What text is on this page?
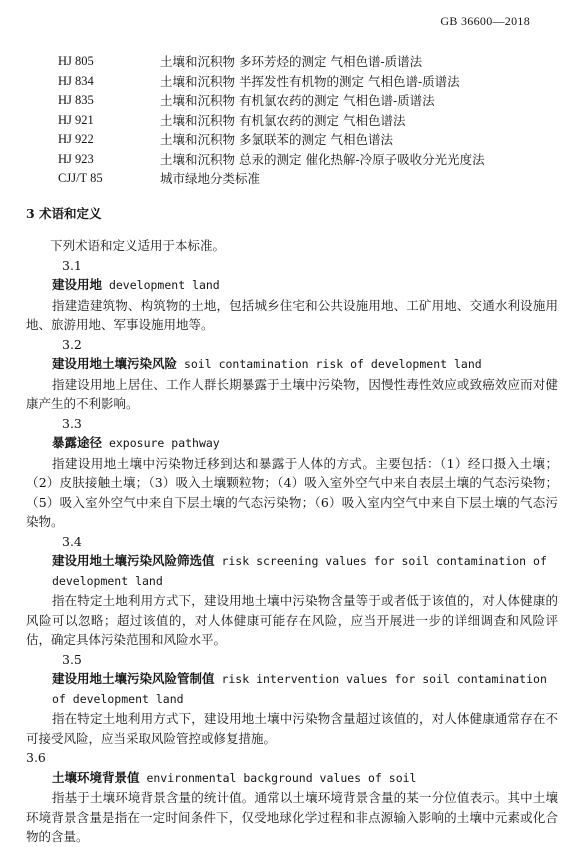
GB 36600—2018
HJ 805	土壤和沉积物 多环芳烃的测定 气相色谱-质谱法
HJ 834	土壤和沉积物 半挥发性有机物的测定 气相色谱-质谱法
HJ 835	土壤和沉积物 有机氯农药的测定 气相色谱-质谱法
HJ 921	土壤和沉积物 有机氯农药的测定 气相色谱法
HJ 922	土壤和沉积物 多氯联苯的测定 气相色谱法
HJ 923	土壤和沉积物 总汞的测定 催化热解-冷原子吸收分光光度法
CJJ/T 85	城市绿地分类标准
3 术语和定义
下列术语和定义适用于本标准。
3.1
建设用地 development land
指建造建筑物、构筑物的土地，包括城乡住宅和公共设施用地、工矿用地、交通水利设施用地、旅游用地、军事设施用地等。
3.2
建设用地土壤污染风险 soil contamination risk of development land
指建设用地上居住、工作人群长期暴露于土壤中污染物，因慢性毒性效应或致癌效应而对健康产生的不利影响。
3.3
暴露途径 exposure pathway
指建设用地土壤中污染物迁移到达和暴露于人体的方式。主要包括：（1）经口摄入土壤；（2）皮肤接触土壤；（3）吸入土壤颗粒物；（4）吸入室外空气中来自表层土壤的气态污染物；（5）吸入室外空气中来自下层土壤的气态污染物；（6）吸入室内空气中来自下层土壤的气态污染物。
3.4
建设用地土壤污染风险筛选值 risk screening values for soil contamination of development land
指在特定土地利用方式下，建设用地土壤中污染物含量等于或者低于该值的，对人体健康的风险可以忽略；超过该值的，对人体健康可能存在风险，应当开展进一步的详细调查和风险评估，确定具体污染范围和风险水平。
3.5
建设用地土壤污染风险管制值 risk intervention values for soil contamination of development land
指在特定土地利用方式下，建设用地土壤中污染物含量超过该值的，对人体健康通常存在不可接受风险，应当采取风险管控或修复措施。
3.6
土壤环境背景值 environmental background values of soil
指基于土壤环境背景含量的统计值。通常以土壤环境背景含量的某一分位值表示。其中土壤环境背景含量是指在一定时间条件下，仅受地球化学过程和非点源输入影响的土壤中元素或化合物的含量。
